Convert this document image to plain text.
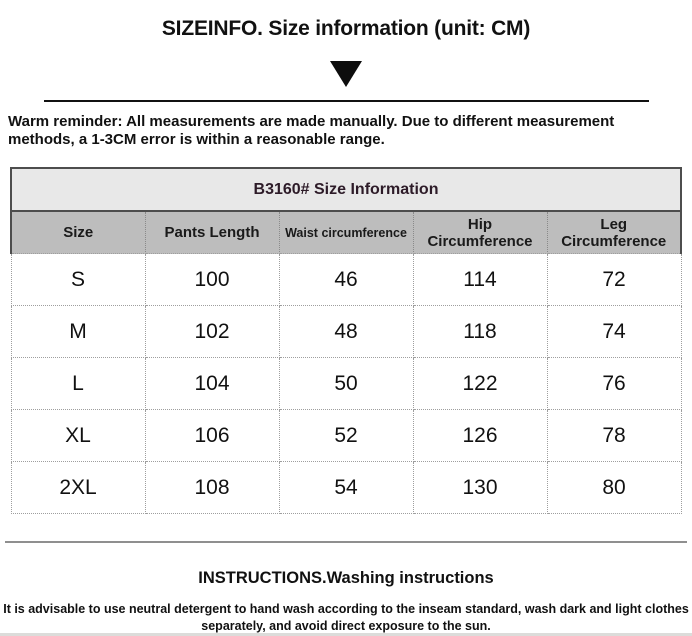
SIZEINFO. Size information (unit: CM)

Warm reminder: All measurements are made manually. Due to different measurement methods, a 1-3CM error is within a reasonable range.

B3160# Size Information				
Size	Pants Length	Waist circumference	Hip Circumference	Leg Circumference
S	100	46	114	72
M	102	48	118	74
L	104	50	122	76
XL	106	52	126	78
2XL	108	54	130	80
INSTRUCTIONS.Washing instructions

It is advisable to use neutral detergent to hand wash according to the inseam standard, wash dark and light clothes separately, and avoid direct exposure to the sun.
